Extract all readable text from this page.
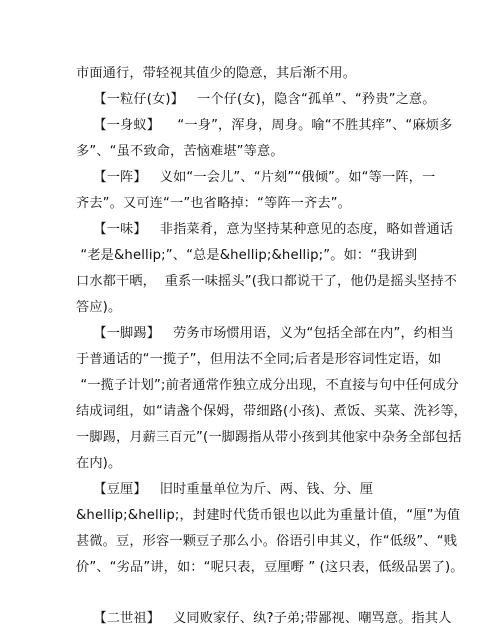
市面通行，带轻视其值少的隐意，其后渐不用。
【一粒仔(女)】   一个仔(女)，隐含“孤单”、“矜贵”之意。
【一身蚁】    “一身”，浑身，周身。喻“不胜其痒”、“麻烦多
多”、“虽不致命，苦恼难堪”等意。
【一阵】   义如“一会儿”、“片刻”“俄倾”。如“等一阵，一
齐去”。又可连“一”也省略掉：“等阵一齐去”。
【一味】   非指菜肴，意为坚持某种意见的态度，略如普通话
“老是&hellip;”、“总是&hellip;&hellip;”。如：“我讲到
口水都干晒，  重系一味摇头”(我口都说干了，他仍是摇头坚持不
答应)。
【一脚踢】   劳务市场惯用语，义为“包括全部在内”，约相当
于普通话的“一揽子”，但用法不全同;后者是形容词性定语，如
“一揽子计划”;前者通常作独立成分出现，不直接与句中任何成分
结成词组，如“请盏个保姆，带细路(小孩)、煮饭、买菜、洗衫等，
一脚踢，月薪三百元”(一脚踢指从带小孩到其他家中杂务全部包括
在内)。
【豆厘】   旧时重量单位为斤、两、钱、分、厘
&hellip;&hellip;，封建时代货币银也以此为重量计值，“厘”为值
甚微。豆，形容一颗豆子那么小。俗语引申其义，作“低级”、“贱
价”、“劣品”讲，如：“呢只表，豆厘嘢 ” (这只表，低级品罢了)。
【二世祖】   义同败家仔、纨?子弟;带鄙视、嘲骂意。指其人
